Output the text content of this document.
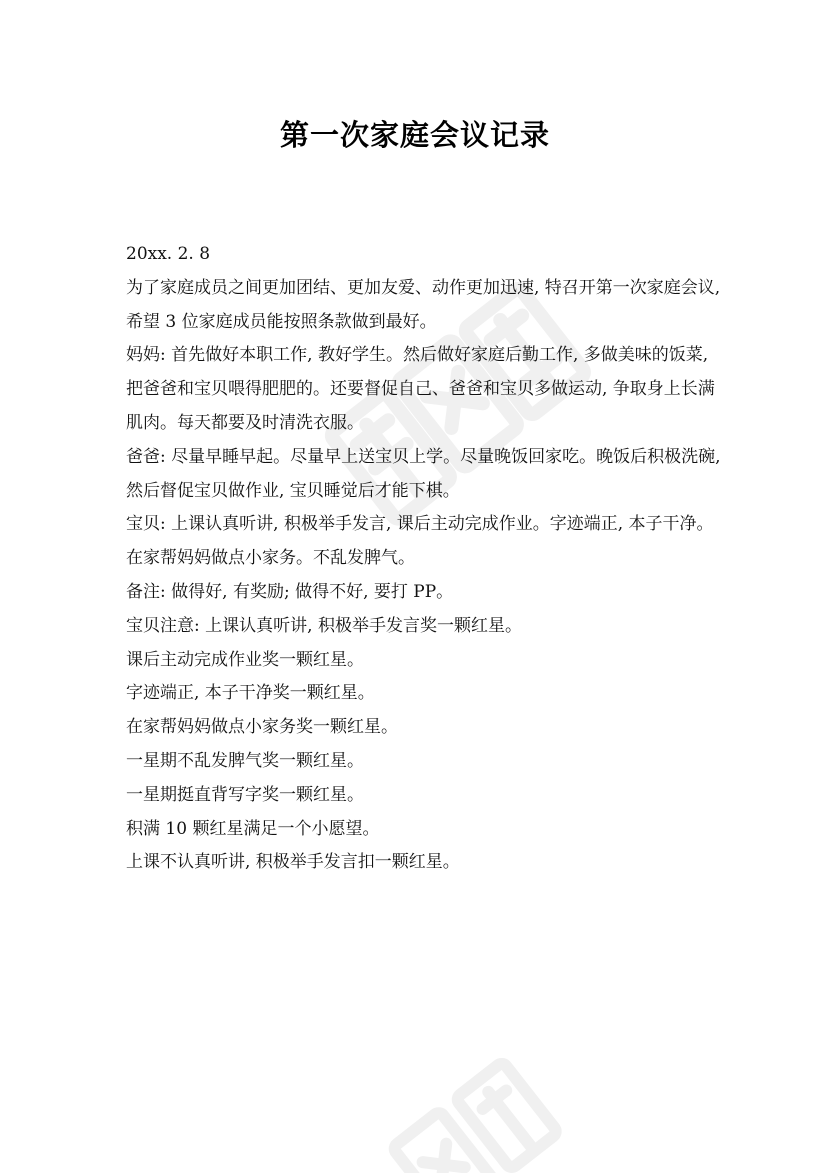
第一次家庭会议记录

20xx. 2. 8

为了家庭成员之间更加团结、更加友爱、动作更加迅速, 特召开第一次家庭会议,

希望 3 位家庭成员能按照条款做到最好。

妈妈: 首先做好本职工作, 教好学生。然后做好家庭后勤工作, 多做美味的饭菜,

把爸爸和宝贝喂得肥肥的。还要督促自己、爸爸和宝贝多做运动, 争取身上长满

肌肉。每天都要及时清洗衣服。

爸爸: 尽量早睡早起。尽量早上送宝贝上学。尽量晚饭回家吃。晚饭后积极洗碗,

然后督促宝贝做作业, 宝贝睡觉后才能下棋。

宝贝: 上课认真听讲, 积极举手发言, 课后主动完成作业。字迹端正, 本子干净。

在家帮妈妈做点小家务。不乱发脾气。

备注: 做得好, 有奖励; 做得不好, 要打 PP。

宝贝注意: 上课认真听讲, 积极举手发言奖一颗红星。

课后主动完成作业奖一颗红星。

字迹端正, 本子干净奖一颗红星。

在家帮妈妈做点小家务奖一颗红星。

一星期不乱发脾气奖一颗红星。

一星期挺直背写字奖一颗红星。

积满 10 颗红星满足一个小愿望。

上课不认真听讲, 积极举手发言扣一颗红星。
